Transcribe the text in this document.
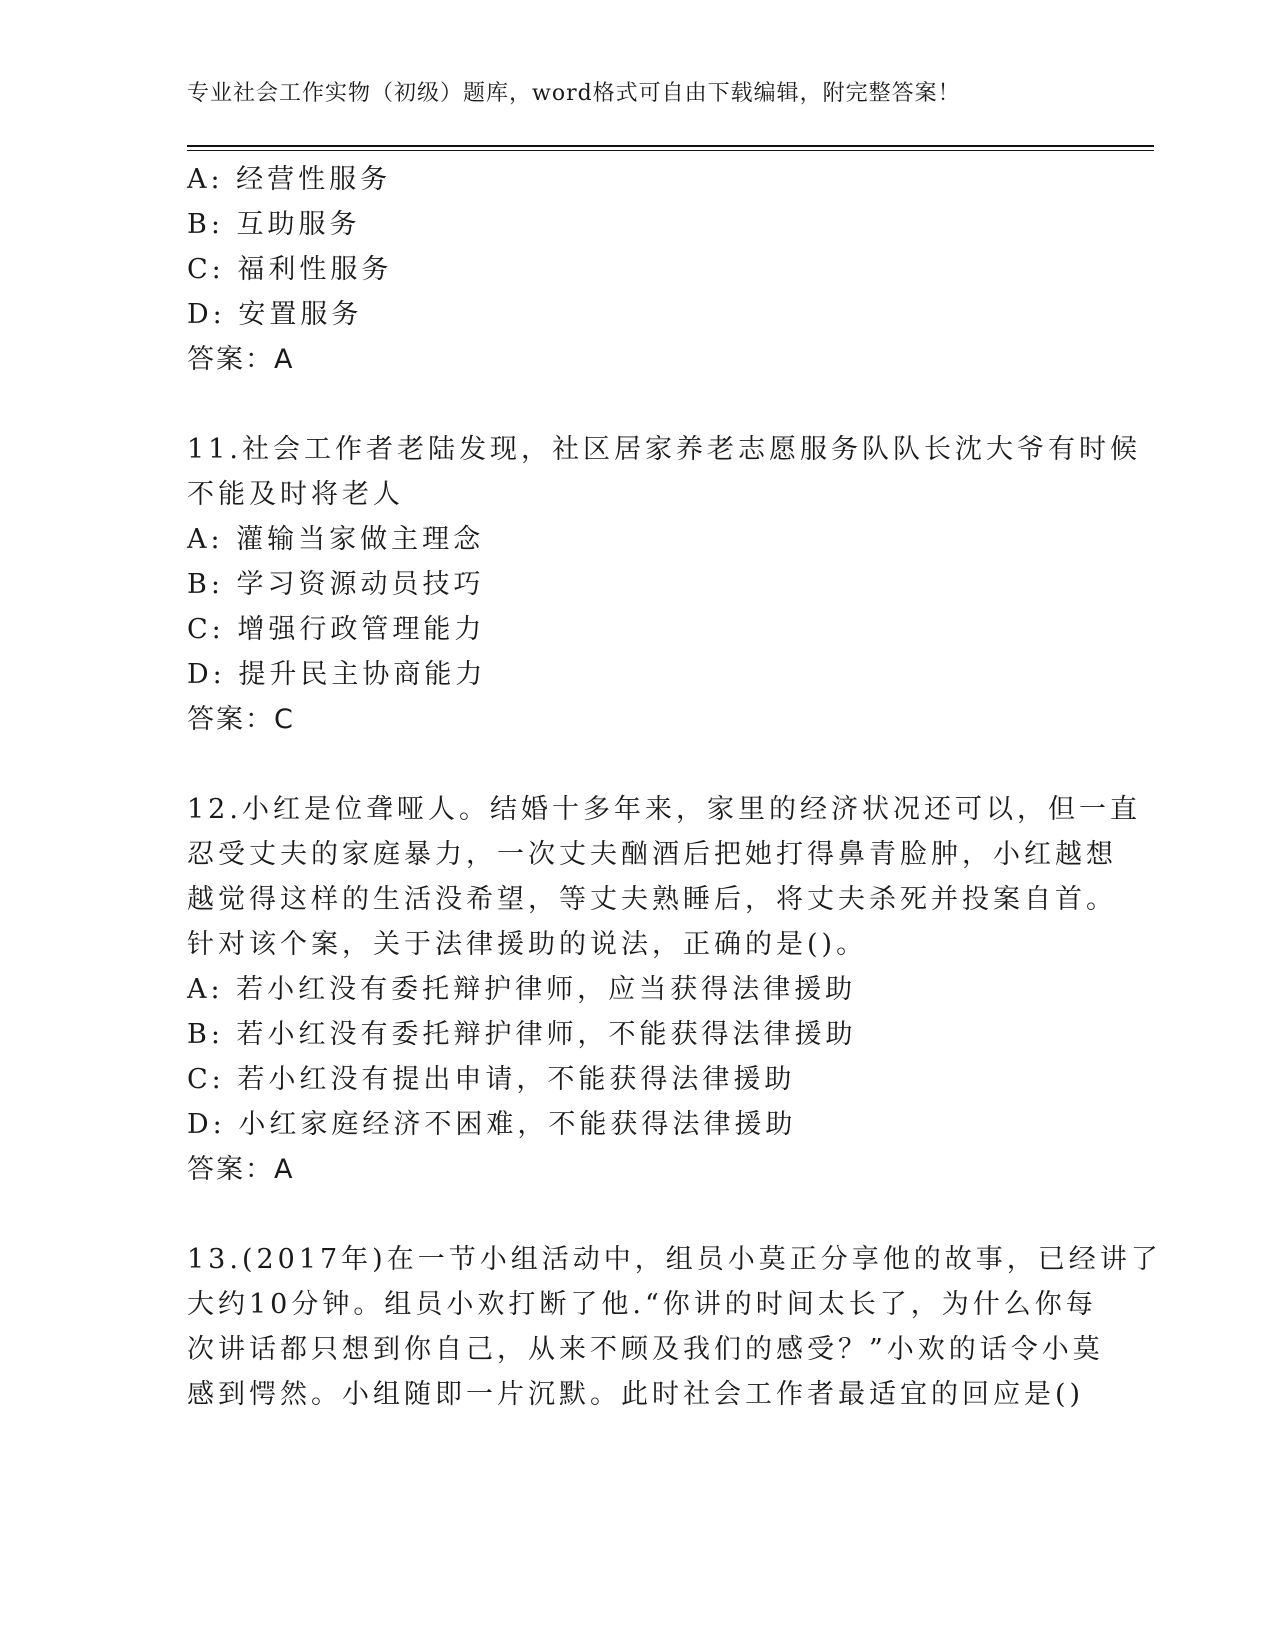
专业社会工作实物（初级）题库，word格式可自由下载编辑，附完整答案！
A: 经营性服务
B: 互助服务
C: 福利性服务
D: 安置服务
答案：A
11.社会工作者老陆发现，社区居家养老志愿服务队队长沈大爷有时候
不能及时将老人
A: 灌输当家做主理念
B: 学习资源动员技巧
C: 增强行政管理能力
D: 提升民主协商能力
答案：C
12.小红是位聋哑人。结婚十多年来，家里的经济状况还可以，但一直
忍受丈夫的家庭暴力，一次丈夫酗酒后把她打得鼻青脸肿，小红越想
越觉得这样的生活没希望，等丈夫熟睡后，将丈夫杀死并投案自首。
针对该个案，关于法律援助的说法，正确的是()。
A: 若小红没有委托辩护律师，应当获得法律援助
B: 若小红没有委托辩护律师，不能获得法律援助
C: 若小红没有提出申请，不能获得法律援助
D: 小红家庭经济不困难，不能获得法律援助
答案：A
13.(2017年)在一节小组活动中，组员小莫正分享他的故事，已经讲了
大约10分钟。组员小欢打断了他.“你讲的时间太长了，为什么你每
次讲话都只想到你自己，从来不顾及我们的感受？”小欢的话令小莫
感到愕然。小组随即一片沉默。此时社会工作者最适宜的回应是()
